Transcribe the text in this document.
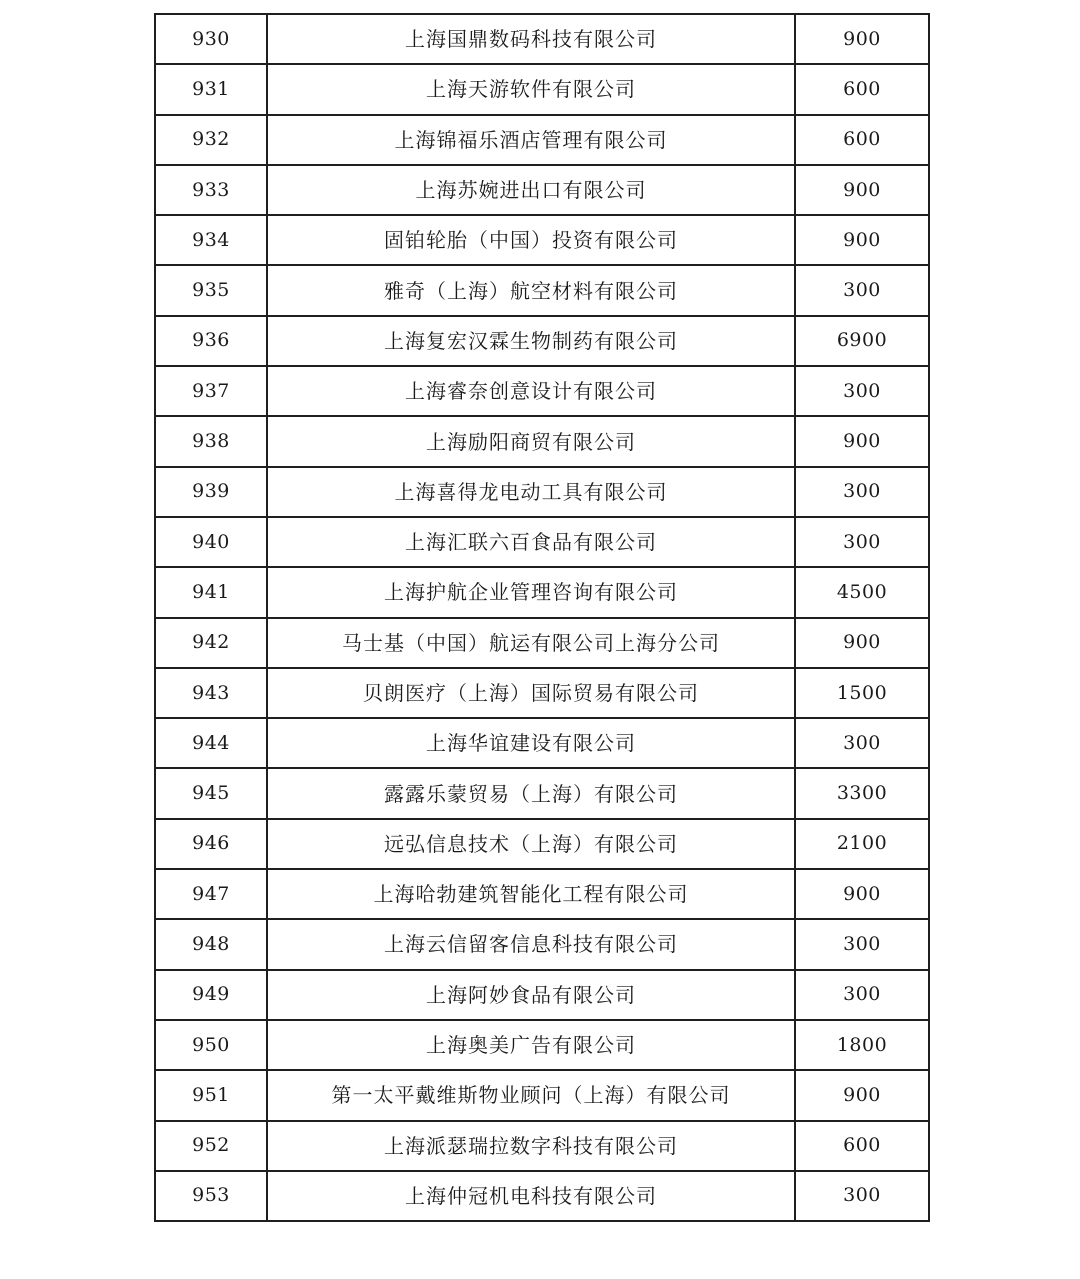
930	上海国鼎数码科技有限公司	900
931	上海天游软件有限公司	600
932	上海锦福乐酒店管理有限公司	600
933	上海苏婉进出口有限公司	900
934	固铂轮胎（中国）投资有限公司	900
935	雅奇（上海）航空材料有限公司	300
936	上海复宏汉霖生物制药有限公司	6900
937	上海睿奈创意设计有限公司	300
938	上海励阳商贸有限公司	900
939	上海喜得龙电动工具有限公司	300
940	上海汇联六百食品有限公司	300
941	上海护航企业管理咨询有限公司	4500
942	马士基（中国）航运有限公司上海分公司	900
943	贝朗医疗（上海）国际贸易有限公司	1500
944	上海华谊建设有限公司	300
945	露露乐蒙贸易（上海）有限公司	3300
946	远弘信息技术（上海）有限公司	2100
947	上海哈勃建筑智能化工程有限公司	900
948	上海云信留客信息科技有限公司	300
949	上海阿妙食品有限公司	300
950	上海奥美广告有限公司	1800
951	第一太平戴维斯物业顾问（上海）有限公司	900
952	上海派瑟瑞拉数字科技有限公司	600
953	上海仲冠机电科技有限公司	300
